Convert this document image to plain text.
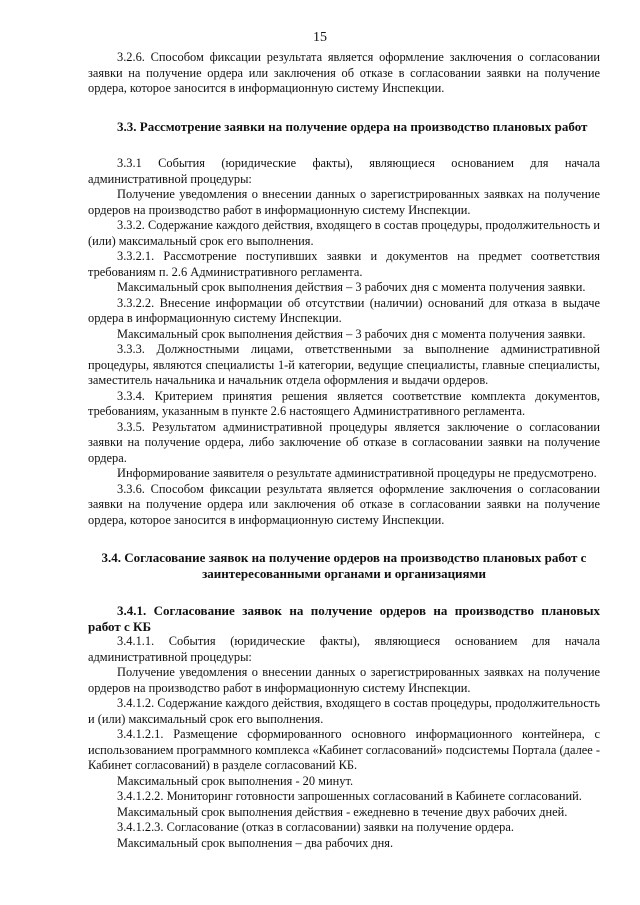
15

3.2.6. Способом фиксации результата является оформление заключения о согласовании заявки на получение ордера или заключения об отказе в согласовании заявки на получение ордера, которое заносится в информационную систему Инспекции.

3.3. Рассмотрение заявки на получение ордера на производство плановых работ

3.3.1 События (юридические факты), являющиеся основанием для начала административной процедуры:

Получение уведомления о внесении данных о зарегистрированных заявках на получение ордеров на производство работ в информационную систему Инспекции.

3.3.2. Содержание каждого действия, входящего в состав процедуры, продолжительность и (или) максимальный срок его выполнения.

3.3.2.1. Рассмотрение поступивших заявки и документов на предмет соответствия требованиям п. 2.6 Административного регламента.

Максимальный срок выполнения действия – 3 рабочих дня с момента получения заявки.

3.3.2.2. Внесение информации об отсутствии (наличии) оснований для отказа в выдаче ордера в информационную систему Инспекции.

Максимальный срок выполнения действия – 3 рабочих дня с момента получения заявки.

3.3.3. Должностными лицами, ответственными за выполнение административной процедуры, являются специалисты 1-й категории, ведущие специалисты, главные специалисты, заместитель начальника и начальник отдела оформления и выдачи ордеров.

3.3.4. Критерием принятия решения является соответствие комплекта документов, требованиям, указанным в пункте 2.6 настоящего Административного регламента.

3.3.5. Результатом административной процедуры является заключение о согласовании заявки на получение ордера, либо заключение об отказе в согласовании заявки на получение ордера.

Информирование заявителя о результате административной процедуры не предусмотрено.

3.3.6. Способом фиксации результата является оформление заключения о согласовании заявки на получение ордера или заключения об отказе в согласовании заявки на получение ордера, которое заносится в информационную систему Инспекции.

3.4. Согласование заявок на получение ордеров на производство плановых работ с заинтересованными органами и организациями

3.4.1. Согласование заявок на получение ордеров на производство плановых работ с КБ

3.4.1.1. События (юридические факты), являющиеся основанием для начала административной процедуры:

Получение уведомления о внесении данных о зарегистрированных заявках на получение ордеров на производство работ в информационную систему Инспекции.

3.4.1.2. Содержание каждого действия, входящего в состав процедуры, продолжительность и (или) максимальный срок его выполнения.

3.4.1.2.1. Размещение сформированного основного информационного контейнера, с использованием программного комплекса «Кабинет согласований» подсистемы Портала (далее - Кабинет согласований) в разделе согласований КБ.

Максимальный срок выполнения - 20 минут.

3.4.1.2.2. Мониторинг готовности запрошенных согласований в Кабинете согласований.

Максимальный срок выполнения действия - ежедневно в течение двух рабочих дней.

3.4.1.2.3. Согласование (отказ в согласовании) заявки на получение ордера.

Максимальный срок выполнения – два рабочих дня.
